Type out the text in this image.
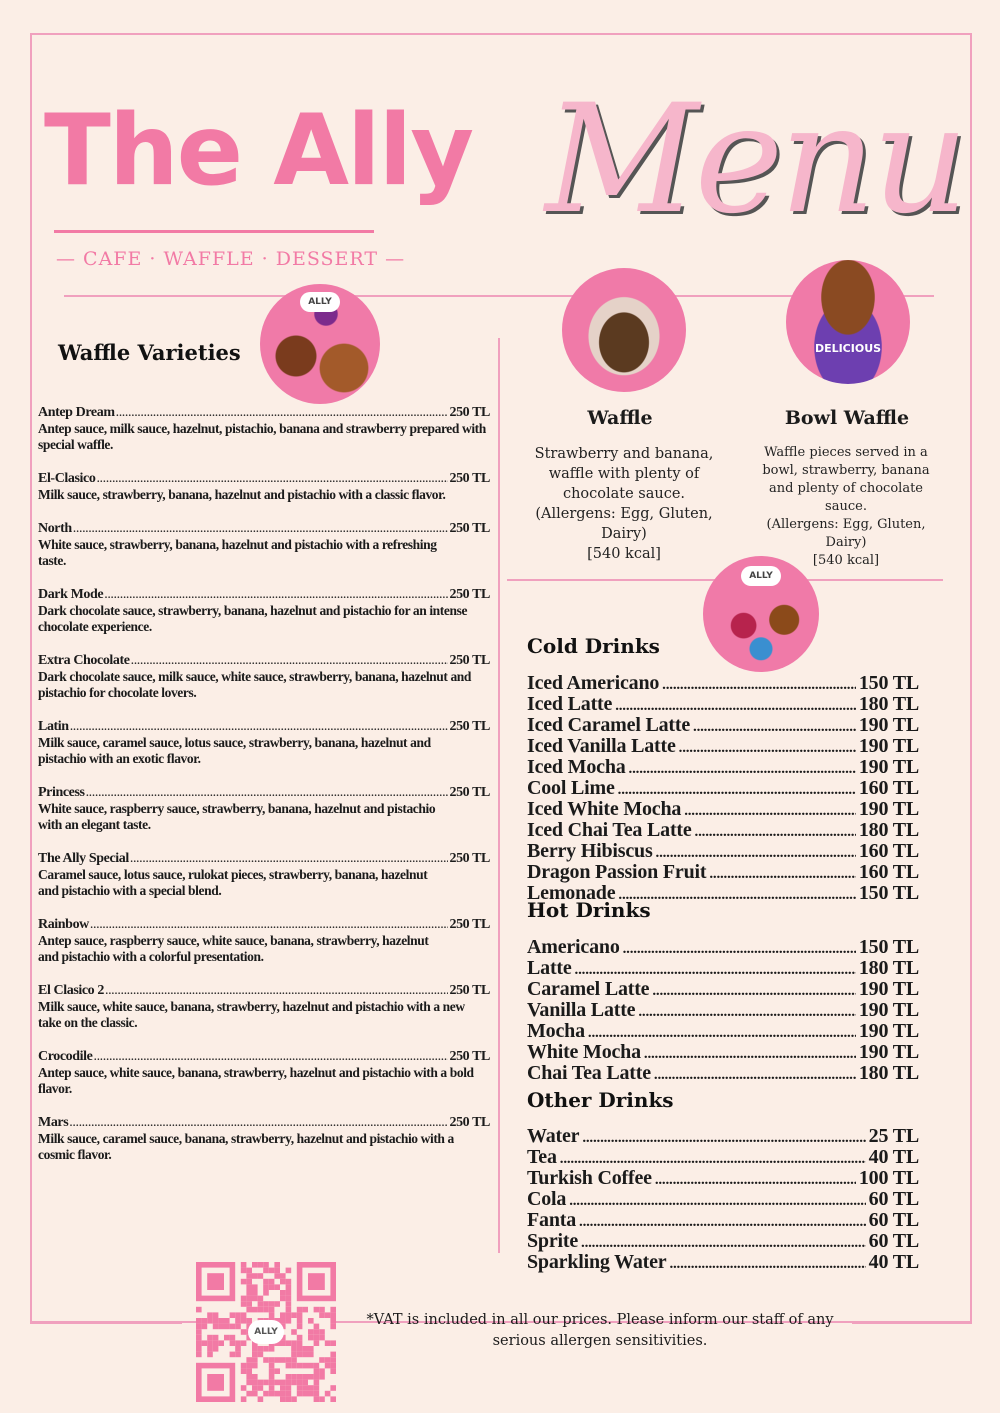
The Ally
— CAFE · WAFFLE · DESSERT —
Menu
ALLY
DELICIOUS
ALLY
Waffle Varieties
Antep Dream .....	250 TL
Antep sauce, milk sauce, hazelnut, pistachio, banana and strawberry prepared with special waffle.
El-Clasico .....	250 TL
Milk sauce, strawberry, banana, hazelnut and pistachio with a classic flavor.
North .....	250 TL
White sauce, strawberry, banana, hazelnut and pistachio with a refreshing
taste.
Dark Mode .....	250 TL
Dark chocolate sauce, strawberry, banana, hazelnut and pistachio for an intense chocolate experience.
Extra Chocolate .....	250 TL
Dark chocolate sauce, milk sauce, white sauce, strawberry, banana, hazelnut and pistachio for chocolate lovers.
Latin .....	250 TL
Milk sauce, caramel sauce, lotus sauce, strawberry, banana, hazelnut and
pistachio with an exotic flavor.
Princess .....	250 TL
White sauce, raspberry sauce, strawberry, banana, hazelnut and pistachio
with an elegant taste.
The Ally Special .....	250 TL
Caramel sauce, lotus sauce, rulokat pieces, strawberry, banana, hazelnut
and pistachio with a special blend.
Rainbow .....	250 TL
Antep sauce, raspberry sauce, white sauce, banana, strawberry, hazelnut
and pistachio with a colorful presentation.
El Clasico 2 .....	250 TL
Milk sauce, white sauce, banana, strawberry, hazelnut and pistachio with a new take on the classic.
Crocodile .....	250 TL
Antep sauce, white sauce, banana, strawberry, hazelnut and pistachio with a bold flavor.
Mars .....	250 TL
Milk sauce, caramel sauce, banana, strawberry, hazelnut and pistachio with a cosmic flavor.
Waffle
Strawberry and banana, waffle with plenty of chocolate sauce.
(Allergens: Egg, Gluten, Dairy)
[540 kcal]
Bowl Waffle
Waffle pieces served in a bowl, strawberry, banana and plenty of chocolate sauce.
(Allergens: Egg, Gluten, Dairy)
[540 kcal]
Cold Drinks
Iced Americano .....	150 TL
Iced Latte .....	180 TL
Iced Caramel Latte .....	190 TL
Iced Vanilla Latte .....	190 TL
Iced Mocha .....	190 TL
Cool Lime .....	160 TL
Iced White Mocha .....	190 TL
Iced Chai Tea Latte .....	180 TL
Berry Hibiscus .....	160 TL
Dragon Passion Fruit .....	160 TL
Lemonade .....	150 TL
Hot Drinks
Americano .....	150 TL
Latte .....	180 TL
Caramel Latte .....	190 TL
Vanilla Latte .....	190 TL
Mocha .....	190 TL
White Mocha .....	190 TL
Chai Tea Latte .....	180 TL
Other Drinks
Water .....	25 TL
Tea .....	40 TL
Turkish Coffee .....	100 TL
Cola .....	60 TL
Fanta .....	60 TL
Sprite .....	60 TL
Sparkling Water .....	40 TL
ALLY
*VAT is included in all our prices. Please inform our staff of any serious allergen sensitivities.
